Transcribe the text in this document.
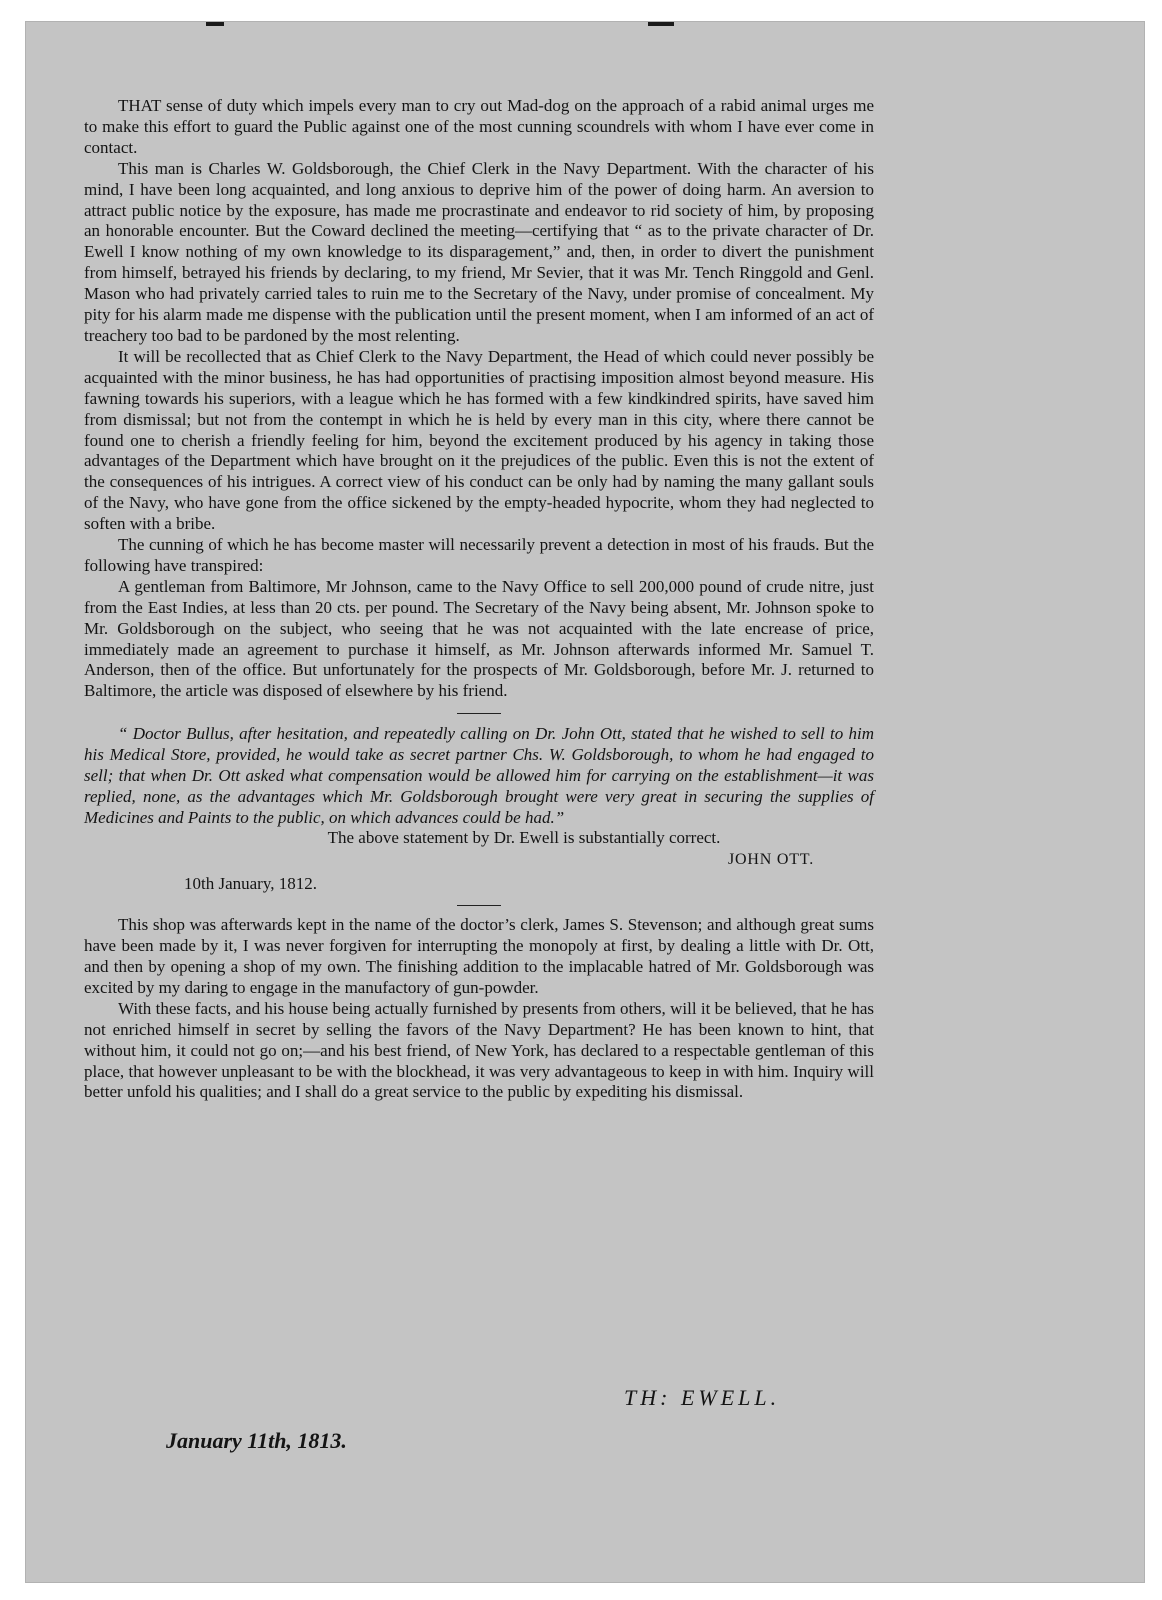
THAT sense of duty which impels every man to cry out Mad-dog on the approach of a rabid animal urges me to make this effort to guard the Public against one of the most cunning scoundrels with whom I have ever come in contact.

This man is Charles W. Goldsborough, the Chief Clerk in the Navy Department. With the character of his mind, I have been long acquainted, and long anxious to deprive him of the power of doing harm. An aversion to attract public notice by the exposure, has made me procrastinate and endeavor to rid society of him, by proposing an honorable encounter. But the Coward declined the meeting—certifying that “ as to the private character of Dr. Ewell I know nothing of my own knowledge to its disparagement,” and, then, in order to divert the punishment from himself, betrayed his friends by declaring, to my friend, Mr Sevier, that it was Mr. Tench Ringgold and Genl. Mason who had privately carried tales to ruin me to the Secretary of the Navy, under promise of concealment. My pity for his alarm made me dispense with the publication until the present moment, when I am informed of an act of treachery too bad to be pardoned by the most relenting.

It will be recollected that as Chief Clerk to the Navy Department, the Head of which could never possibly be acquainted with the minor business, he has had opportunities of practising imposition almost beyond measure. His fawning towards his superiors, with a league which he has formed with a few kindkindred spirits, have saved him from dismissal; but not from the contempt in which he is held by every man in this city, where there cannot be found one to cherish a friendly feeling for him, beyond the excitement produced by his agency in taking those advantages of the Department which have brought on it the prejudices of the public. Even this is not the extent of the consequences of his intrigues. A correct view of his conduct can be only had by naming the many gallant souls of the Navy, who have gone from the office sickened by the empty-headed hypocrite, whom they had neglected to soften with a bribe.

The cunning of which he has become master will necessarily prevent a detection in most of his frauds. But the following have transpired:

A gentleman from Baltimore, Mr Johnson, came to the Navy Office to sell 200,000 pound of crude nitre, just from the East Indies, at less than 20 cts. per pound. The Secretary of the Navy being absent, Mr. Johnson spoke to Mr. Goldsborough on the subject, who seeing that he was not acquainted with the late encrease of price, immediately made an agreement to purchase it himself, as Mr. Johnson afterwards informed Mr. Samuel T. Anderson, then of the office. But unfortunately for the prospects of Mr. Goldsborough, before Mr. J. returned to Baltimore, the article was disposed of elsewhere by his friend.

“ Doctor Bullus, after hesitation, and repeatedly calling on Dr. John Ott, stated that he wished to sell to him his Medical Store, provided, he would take as secret partner Chs. W. Goldsborough, to whom he had engaged to sell; that when Dr. Ott asked what compensation would be allowed him for carrying on the establishment—it was replied, none, as the advantages which Mr. Goldsborough brought were very great in securing the supplies of Medicines and Paints to the public, on which advances could be had.”

The above statement by Dr. Ewell is substantially correct.

JOHN OTT.
10th January, 1812.

This shop was afterwards kept in the name of the doctor’s clerk, James S. Stevenson; and although great sums have been made by it, I was never forgiven for interrupting the monopoly at first, by dealing a little with Dr. Ott, and then by opening a shop of my own. The finishing addition to the implacable hatred of Mr. Goldsborough was excited by my daring to engage in the manufactory of gun-powder.

With these facts, and his house being actually furnished by presents from others, will it be believed, that he has not enriched himself in secret by selling the favors of the Navy Department? He has been known to hint, that without him, it could not go on;—and his best friend, of New York, has declared to a respectable gentleman of this place, that however unpleasant to be with the blockhead, it was very advantageous to keep in with him. Inquiry will better unfold his qualities; and I shall do a great service to the public by expediting his dismissal.

TH: EWELL.
January 11th, 1813.
